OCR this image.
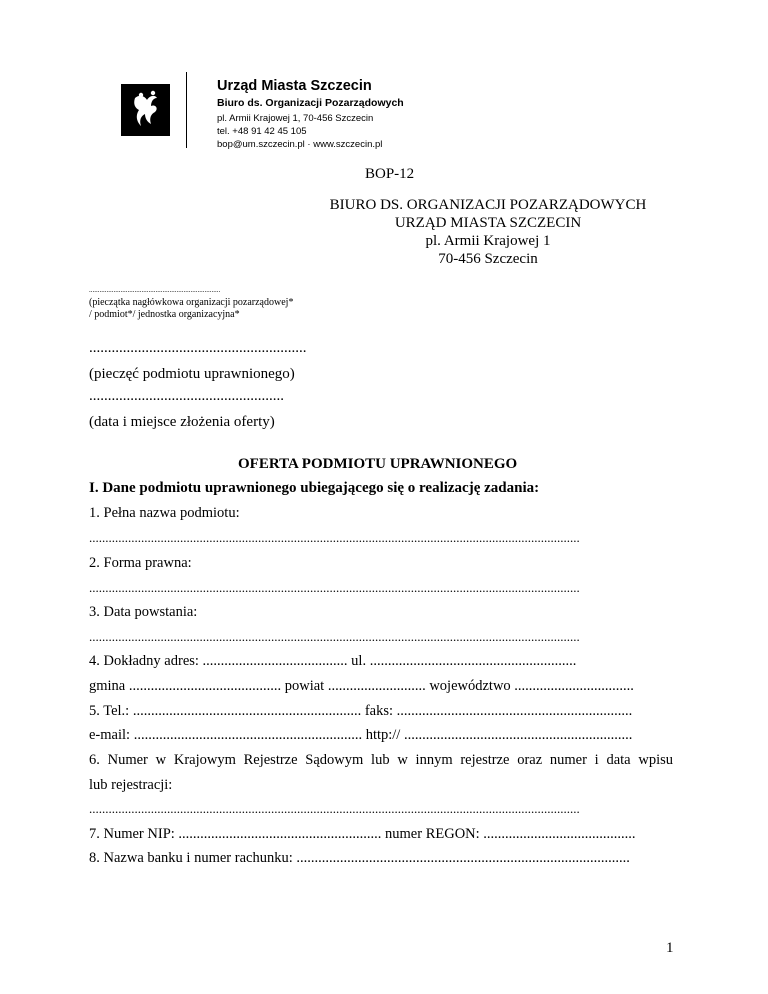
Urząd Miasta Szczecin
Biuro ds. Organizacji Pozarządowych
pl. Armii Krajowej 1, 70-456 Szczecin
tel. +48 91 42 45 105
bop@um.szczecin.pl · www.szczecin.pl
BOP-12
BIURO DS. ORGANIZACJI POZARZĄDOWYCH
URZĄD MIASTA SZCZECIN
pl. Armii Krajowej 1
70-456 Szczecin
...........................................................................
(pieczątka nagłówkowa organizacji pozarządowej*
/ podmiot*/ jednostka organizacyjna*
..........................................................
(pieczęć podmiotu uprawnionego)
....................................................
(data i miejsce złożenia oferty)
OFERTA PODMIOTU UPRAWNIONEGO
I. Dane podmiotu uprawnionego ubiegającego się o realizację zadania:
1. Pełna nazwa podmiotu:
.......................................................................................................................................................
2. Forma prawna:
.......................................................................................................................................................
3. Data powstania:
.......................................................................................................................................................
4. Dokładny adres: ........................................ ul. .........................................................
gmina .......................................... powiat ........................... województwo .................................
5. Tel.: ............................................................... faks: .................................................................
e-mail: ............................................................... http:// ...............................................................
6. Numer w Krajowym Rejestrze Sądowym lub w innym rejestrze oraz numer i data wpisu
lub rejestracji:
.......................................................................................................................................................
7. Numer NIP: ........................................................ numer REGON: ..........................................
8. Nazwa banku i numer rachunku: ............................................................................................
1
